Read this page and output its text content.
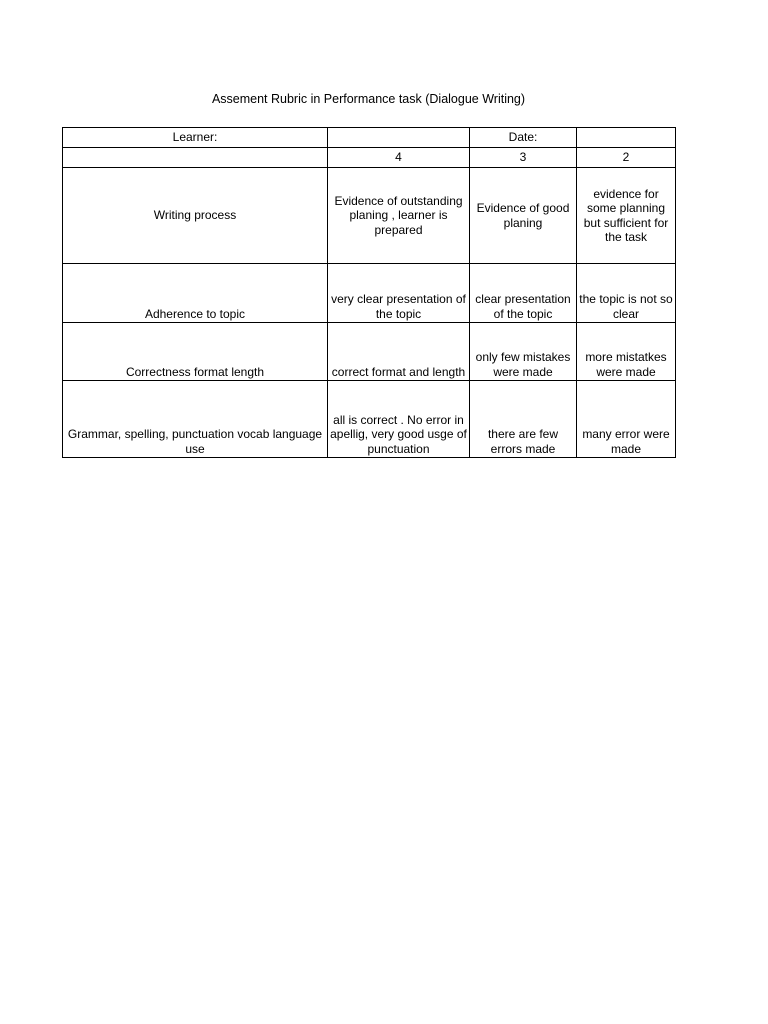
Assement Rubric in Performance task (Dialogue Writing)
Learner:		Date:	
	4	3	2
Writing process	Evidence of outstanding planing , learner is prepared	Evidence of good planing	evidence for some planning but sufficient for the task
Adherence to topic	very clear presentation of the topic	clear presentation of the topic	the topic is not so clear
Correctness format length	correct format and length	only few mistakes were made	more mistatkes were made
Grammar, spelling, punctuation vocab language use	all is correct . No error in apellig, very good usge of punctuation	there are few errors made	many error were made
